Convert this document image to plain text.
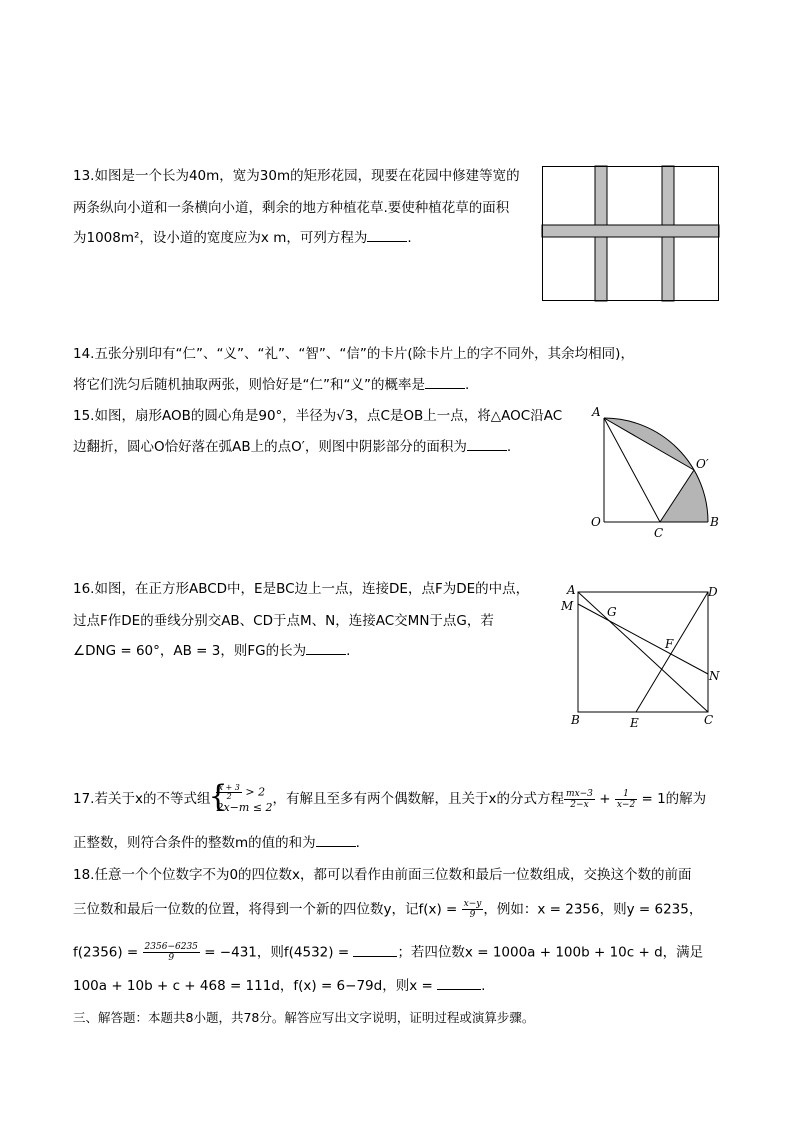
13.如图是一个长为40m，宽为30m的矩形花园，现要在花园中修建等宽的
两条纵向小道和一条横向小道，剩余的地方种植花草.要使种植花草的面积
为1008m²，设小道的宽度应为x m，可列方程为	.
14.五张分别印有“仁”、“义”、“礼”、“智”、“信”的卡片(除卡片上的字不同外，其余均相同)，
将它们洗匀后随机抽取两张，则恰好是“仁”和“义”的概率是	.
15.如图，扇形AOB的圆心角是90°，半径为√3，点C是OB上一点，将△AOC沿AC
边翻折，圆心O恰好落在弧AB上的点O′，则图中阴影部分的面积为	.
A
O
C
B
O′
16.如图，在正方形ABCD中，E是BC边上一点，连接DE，点F为DE的中点，
过点F作DE的垂线分别交AB、CD于点M、N，连接AC交MN于点G，若
∠DNG = 60°，AB = 3，则FG的长为	.
A
M	G
D
F
N
B	E	C
17.若关于x的不等式组
{ $\frac{x + 3}{2} > 2$
2x−m ≤ 2
，有解且至多有两个偶数解，且关于x的分式方程 $\frac{mx-3}{2-x} + \frac{1}{x-2} = 1$的解为
正整数，则符合条件的整数m的值的和为	.
18.任意一个个位数字不为0的四位数x，都可以看作由前面三位数和最后一位数组成，交换这个数的前面
三位数和最后一位数的位置，将得到一个新的四位数y，记$f(x) = \frac{x-y}{9}$ ，例如：x = 2356，则y = 6235，
$f(2356) = \frac{2356-6235}{9} = -431$，则f(4532) =	；若四位数x = 1000a + 100b + 10c + d，满足
100a + 10b + c + 468 = 111d，f(x) = 6−79d，则x =	.
三、解答题：本题共8小题，共78分。解答应写出文字说明，证明过程或演算步骤。
